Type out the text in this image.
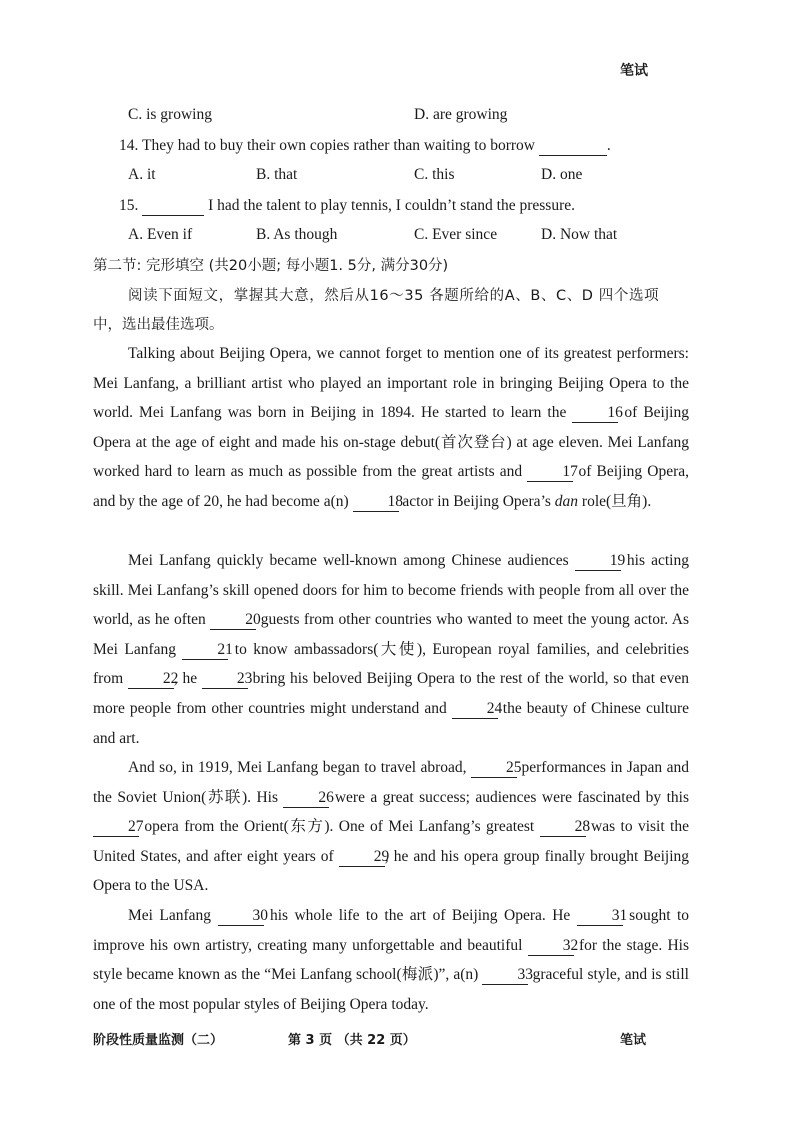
笔试
C. is growing	D. are growing
14. They had to buy their own copies rather than waiting to borrow	.
A. it	B. that	C. this	D. one
15.	I had the talent to play tennis, I couldn’t stand the pressure.
A. Even if	B. As though	C. Ever since	D. Now that
第二节: 完形填空 (共20小题; 每小题1. 5分, 满分30分)
阅读下面短文，掌握其大意，然后从16～35 各题所给的A、B、C、D 四个选项
中，选出最佳选项。
Talking about Beijing Opera, we cannot forget to mention one of its greatest performers: Mei Lanfang, a brilliant artist who played an important role in bringing Beijing Opera to the world. Mei Lanfang was born in Beijing in 1894. He started to learn the 16 of Beijing Opera at the age of eight and made his on-stage debut(首次登台) at age eleven. Mei Lanfang worked hard to learn as much as possible from the great artists and 17 of Beijing Opera, and by the age of 20, he had become a(n) 18 actor in Beijing Opera’s dan role(旦角).
Mei Lanfang quickly became well-known among Chinese audiences 19 his acting skill. Mei Lanfang’s skill opened doors for him to become friends with people from all over the world, as he often 20 guests from other countries who wanted to meet the young actor. As Mei Lanfang 21 to know ambassadors(大使), European royal families, and celebrities from 22, he 23 bring his beloved Beijing Opera to the rest of the world, so that even more people from other countries might understand and 24 the beauty of Chinese culture and art.
And so, in 1919, Mei Lanfang began to travel abroad, 25 performances in Japan and the Soviet Union(苏联). His 26 were a great success; audiences were fascinated by this 27 opera from the Orient(东方). One of Mei Lanfang’s greatest 28 was to visit the United States, and after eight years of 29, he and his opera group finally brought Beijing Opera to the USA.
Mei Lanfang 30 his whole life to the art of Beijing Opera. He 31 sought to improve his own artistry, creating many unforgettable and beautiful 32 for the stage. His style became known as the “Mei Lanfang school(梅派)”, a(n) 33 graceful style, and is still one of the most popular styles of Beijing Opera today.
阶段性质量监测（二）	第 3 页 （共 22 页）	笔试
